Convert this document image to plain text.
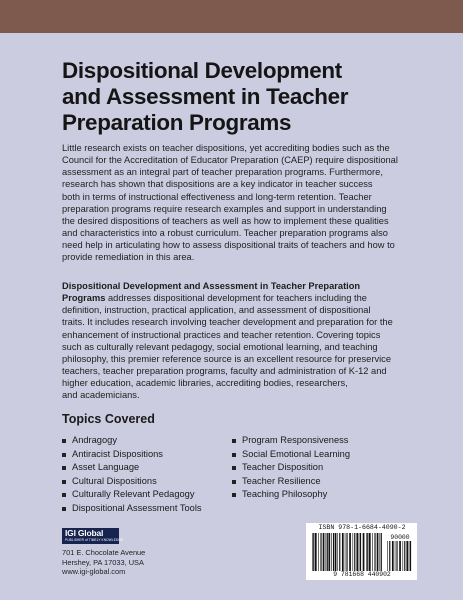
Dispositional Development
and Assessment in Teacher
Preparation Programs
Little research exists on teacher dispositions, yet accrediting bodies such as the
Council for the Accreditation of Educator Preparation (CAEP) require dispositional
assessment as an integral part of teacher preparation programs. Furthermore,
research has shown that dispositions are a key indicator in teacher success
both in terms of instructional effectiveness and long-term retention. Teacher
preparation programs require research examples and support in understanding
the desired dispositions of teachers as well as how to implement these qualities
and characteristics into a robust curriculum. Teacher preparation programs also
need help in articulating how to assess dispositional traits of teachers and how to
provide remediation in this area.
Dispositional Development and Assessment in Teacher Preparation
Programs addresses dispositional development for teachers including the
definition, instruction, practical application, and assessment of dispositional
traits. It includes research involving teacher development and preparation for the
enhancement of instructional practices and teacher retention. Covering topics
such as culturally relevant pedagogy, social emotional learning, and teaching
philosophy, this premier reference source is an excellent resource for preservice
teachers, teacher preparation programs, faculty and administration of K-12 and
higher education, academic libraries, accrediting bodies, researchers,
and academicians.
Topics Covered
Andragogy
Antiracist Dispositions
Asset Language
Cultural Dispositions
Culturally Relevant Pedagogy
Dispositional Assessment Tools
Program Responsiveness
Social Emotional Learning
Teacher Disposition
Teacher Resilience
Teaching Philosophy
IGI Global
PUBLISHER of TIMELY KNOWLEDGE
701 E. Chocolate Avenue
Hershey, PA 17033, USA
www.igi-global.com
ISBN 978-1-6684-4090-2
90000
9 781668 440902
